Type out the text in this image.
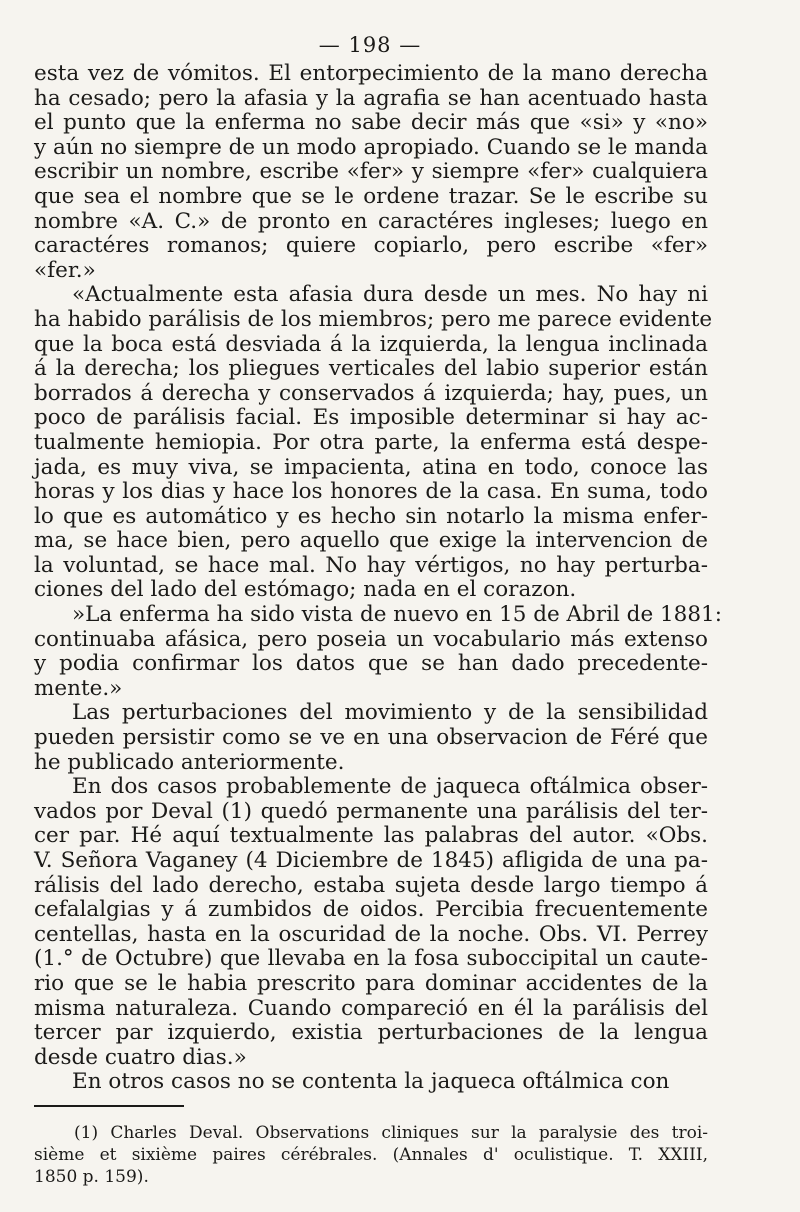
— 198 —
esta vez de vómitos. El entorpecimiento de la mano derecha
ha cesado; pero la afasia y la agrafia se han acentuado hasta
el punto que la enferma no sabe decir más que «si» y «no»
y aún no siempre de un modo apropiado. Cuando se le manda
escribir un nombre, escribe «fer» y siempre «fer» cualquiera
que sea el nombre que se le ordene trazar. Se le escribe su
nombre «A. C.» de pronto en caractéres ingleses; luego en
caractéres romanos; quiere copiarlo, pero escribe «fer»
«fer.»
«Actualmente esta afasia dura desde un mes. No hay ni
ha habido parálisis de los miembros; pero me parece evidente
que la boca está desviada á la izquierda, la lengua inclinada
á la derecha; los pliegues verticales del labio superior están
borrados á derecha y conservados á izquierda; hay, pues, un
poco de parálisis facial. Es imposible determinar si hay ac-
tualmente hemiopia. Por otra parte, la enferma está despe-
jada, es muy viva, se impacienta, atina en todo, conoce las
horas y los dias y hace los honores de la casa. En suma, todo
lo que es automático y es hecho sin notarlo la misma enfer-
ma, se hace bien, pero aquello que exige la intervencion de
la voluntad, se hace mal. No hay vértigos, no hay perturba-
ciones del lado del estómago; nada en el corazon.
»La enferma ha sido vista de nuevo en 15 de Abril de 1881:
continuaba afásica, pero poseia un vocabulario más extenso
y podia confirmar los datos que se han dado precedente-
mente.»
Las perturbaciones del movimiento y de la sensibilidad
pueden persistir como se ve en una observacion de Féré que
he publicado anteriormente.
En dos casos probablemente de jaqueca oftálmica obser-
vados por Deval (1) quedó permanente una parálisis del ter-
cer par. Hé aquí textualmente las palabras del autor. «Obs.
V. Señora Vaganey (4 Diciembre de 1845) afligida de una pa-
rálisis del lado derecho, estaba sujeta desde largo tiempo á
cefalalgias y á zumbidos de oidos. Percibia frecuentemente
centellas, hasta en la oscuridad de la noche. Obs. VI. Perrey
(1.° de Octubre) que llevaba en la fosa suboccipital un caute-
rio que se le habia prescrito para dominar accidentes de la
misma naturaleza. Cuando compareció en él la parálisis del
tercer par izquierdo, existia perturbaciones de la lengua
desde cuatro dias.»
En otros casos no se contenta la jaqueca oftálmica con
(1) Charles Deval. Observations cliniques sur la paralysie des troi-
sième et sixième paires cérébrales. (Annales d' oculistique. T. XXIII,
1850 p. 159).
